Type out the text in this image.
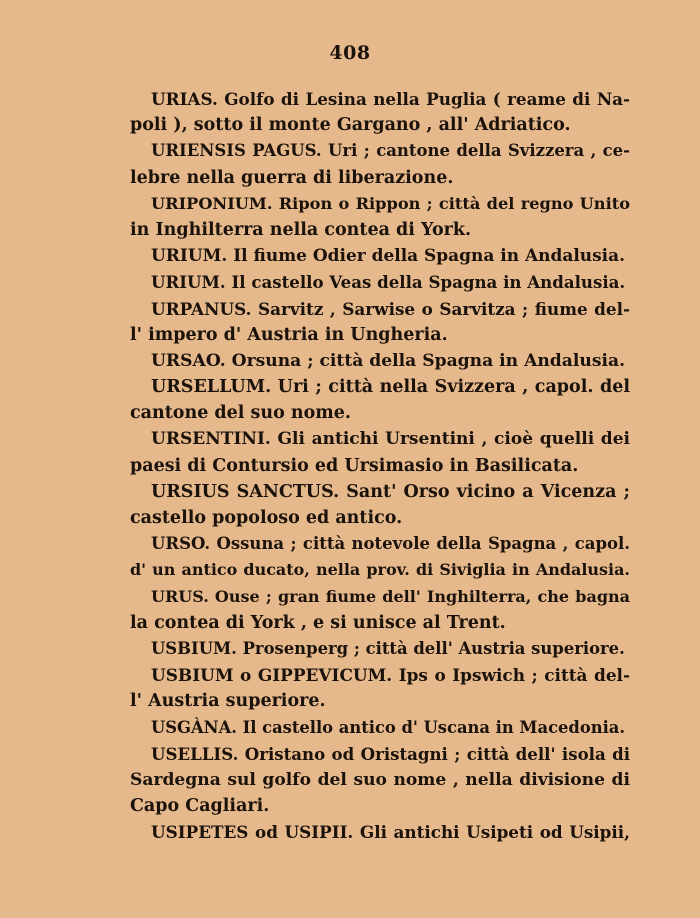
408
URIAS. Golfo di Lesina nella Puglia ( reame di Na-
poli ), sotto il monte Gargano , all' Adriatico.
URIENSIS PAGUS. Uri ; cantone della Svizzera , ce-
lebre nella guerra di liberazione.
URIPONIUM. Ripon o Rippon ; città del regno Unito
in Inghilterra nella contea di York.
URIUM. Il fiume Odier della Spagna in Andalusia.
URIUM. Il castello Veas della Spagna in Andalusia.
URPANUS. Sarvitz , Sarwise o Sarvitza ; fiume del-
l' impero d' Austria in Ungheria.
URSAO. Orsuna ; città della Spagna in Andalusia.
URSELLUM. Uri ; città nella Svizzera , capol. del
cantone del suo nome.
URSENTINI. Gli antichi Ursentini , cioè quelli dei
paesi di Contursio ed Ursimasio in Basilicata.
URSIUS SANCTUS. Sant' Orso vicino a Vicenza ;
castello popoloso ed antico.
URSO. Ossuna ; città notevole della Spagna , capol.
d' un antico ducato, nella prov. di Siviglia in Andalusia.
URUS. Ouse ; gran fiume dell' Inghilterra, che bagna
la contea di York , e si unisce al Trent.
USBIUM. Prosenperg ; città dell' Austria superiore.
USBIUM o GIPPEVICUM. Ips o Ipswich ; città del-
l' Austria superiore.
USGÀNA. Il castello antico d' Uscana in Macedonia.
USELLIS. Oristano od Oristagni ; città dell' isola di
Sardegna sul golfo del suo nome , nella divisione di
Capo Cagliari.
USIPETES od USIPII. Gli antichi Usipeti od Usipii,
